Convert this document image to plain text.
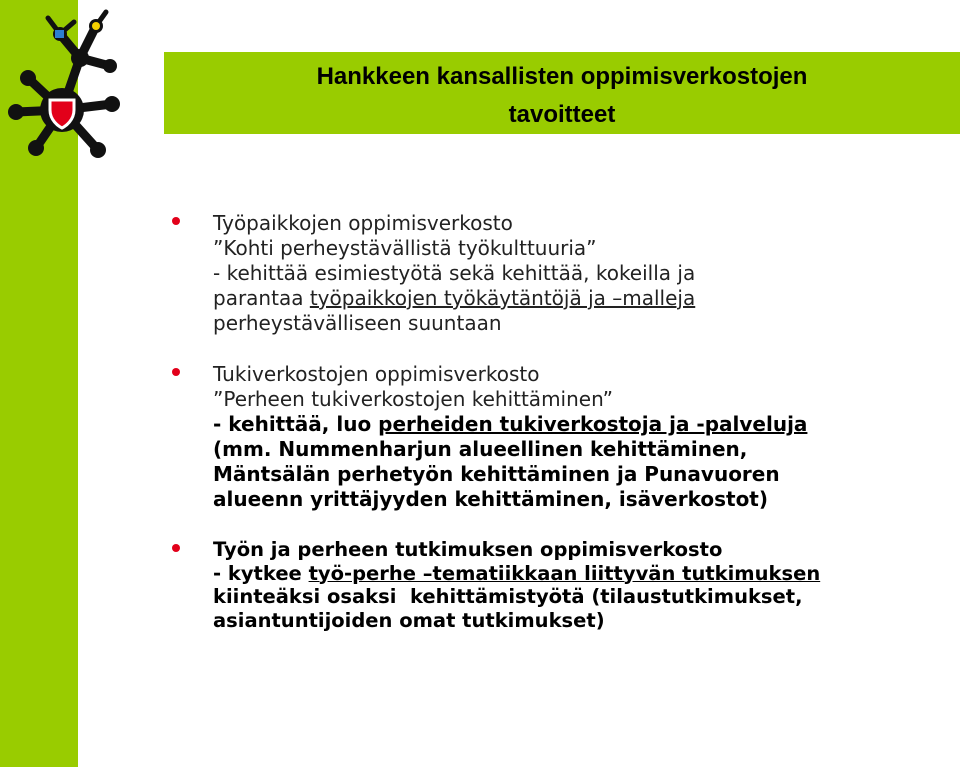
Hankkeen kansallisten oppimisverkostojen
tavoitteet
Työpaikkojen oppimisverkosto
”Kohti perheystävällistä työkulttuuria”
- kehittää esimiestyötä sekä kehittää, kokeilla ja
parantaa työpaikkojen työkäytäntöjä ja –malleja
perheystävälliseen suuntaan
Tukiverkostojen oppimisverkosto
”Perheen tukiverkostojen kehittäminen”
- kehittää, luo perheiden tukiverkostoja ja -palveluja
(mm. Nummenharjun alueellinen kehittäminen,
Mäntsälän perhetyön kehittäminen ja Punavuoren
alueenn yrittäjyyden kehittäminen, isäverkostot)
Työn ja perheen tutkimuksen oppimisverkosto
- kytkee työ-perhe –tematiikkaan liittyvän tutkimuksen
kiinteäksi osaksi  kehittämistyötä (tilaustutkimukset,
asiantuntijoiden omat tutkimukset)
